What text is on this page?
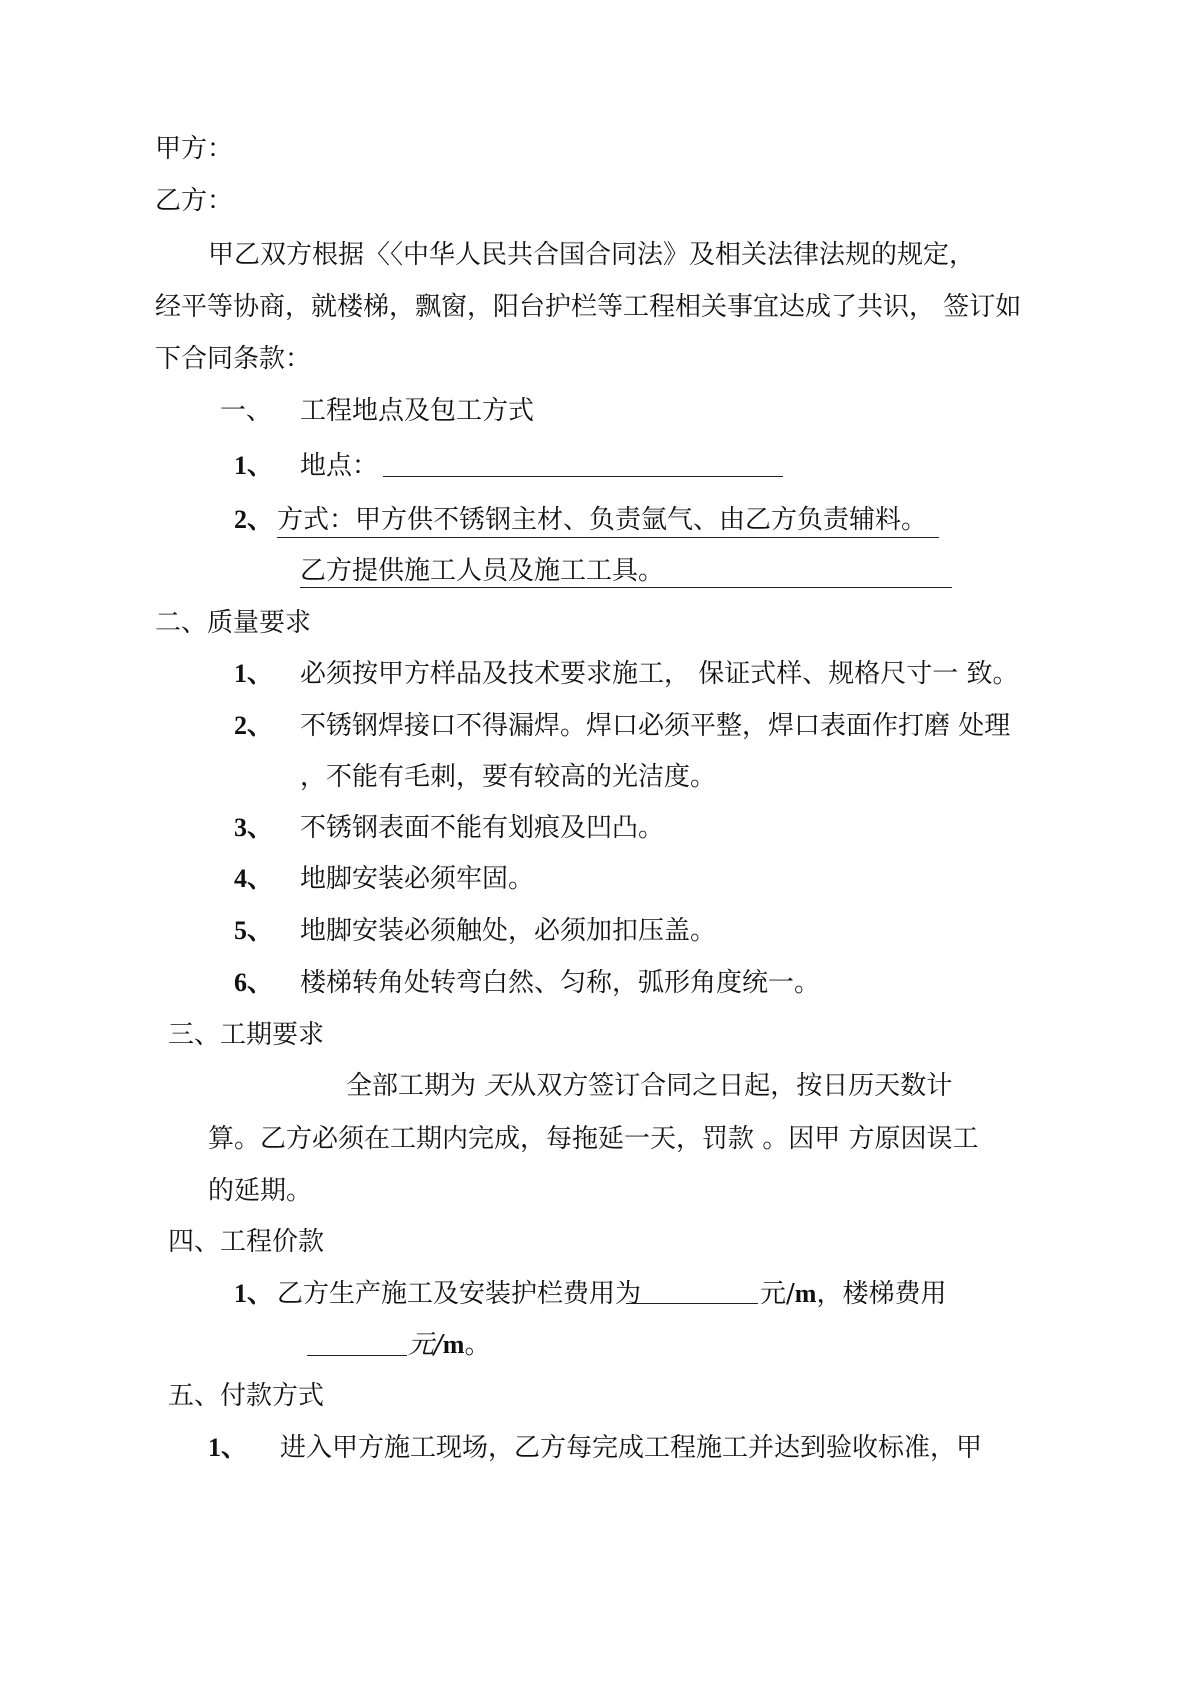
甲方：
乙方：
甲乙双方根据〈〈中华人民共合国合同法》及相关法律法规的规定，
经平等协商，就楼梯，飘窗，阳台护栏等工程相关事宜达成了共识， 签订如
下合同条款：
一、 工程地点及包工方式
1、 地点：
2、 方式：甲方供不锈钢主材、负责氩气、由乙方负责辅料。
乙方提供施工人员及施工工具。
二、质量要求
1、 必须按甲方样品及技术要求施工， 保证式样、规格尺寸一 致。
2、 不锈钢焊接口不得漏焊。焊口必须平整，焊口表面作打磨 处理
，不能有毛刺，要有较高的光洁度。
3、 不锈钢表面不能有划痕及凹凸。
4、 地脚安装必须牢固。
5、 地脚安装必须触处，必须加扣压盖。
6、 楼梯转角处转弯白然、匀称，弧形角度统一。
三、工期要求
全部工期为 天从双方签订合同之日起，按日历天数计
算。乙方必须在工期内完成，每拖延一天，罚款 。因甲 方原因误工
的延期。
四、工程价款
1、 乙方生产施工及安装护栏费用为	元/m，楼梯费用
元/m。
五、付款方式
1、 进入甲方施工现场，乙方每完成工程施工并达到验收标准，甲
